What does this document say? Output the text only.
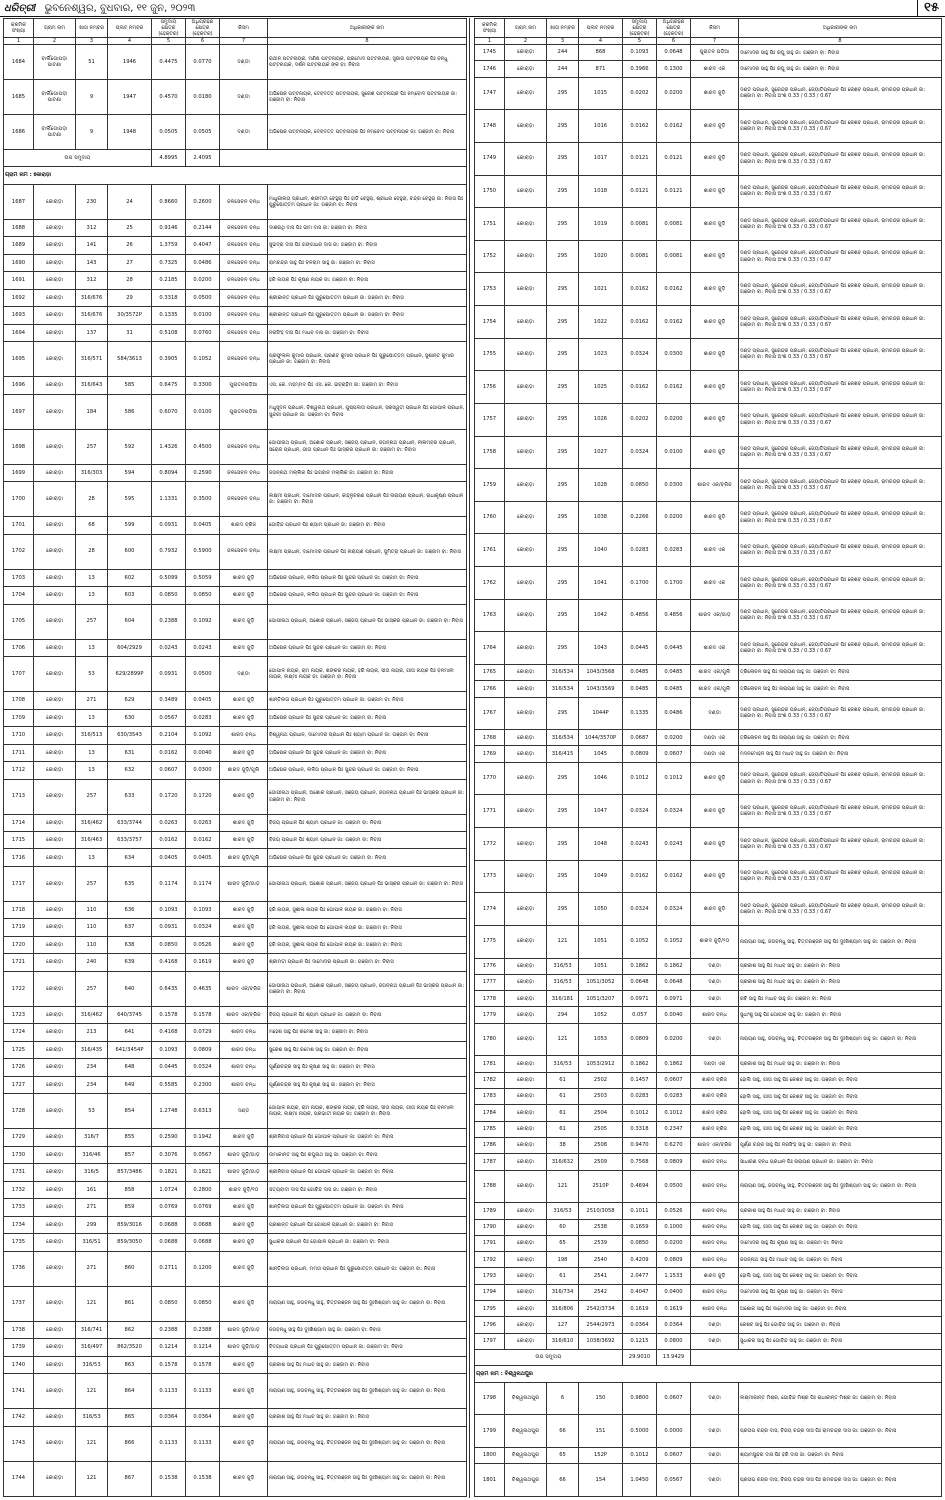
ଧରିତ୍ରୀ ଭୁବନେଶ୍ୱର, ବୁଧବାର, ୧୧ ଜୁନ, ୨୦୨୩	୧୫
କ୍ରମିକ ସଂଖ୍ୟା	ଗ୍ରାମ ନାମ	ଖାତା ନମ୍ବର	ପ୍ଲଟ ନମ୍ବର	ସମୁଦାୟ କ୍ଷେତ୍ର (ହେକ୍ଟର)	ଅଧିଗ୍ରହଣ କ୍ଷେତ୍ର (ହେକ୍ଟର)	କିସମ	ଅଧିକାରୀଙ୍କ ନାମ
1	2	3	4	5	6	7	8
1684	ବାର୍ଲିଗୋପଡ଼ା ପାଟଣା	51	1946	0.4475	0.0770	ଦଣ୍ଡା	ରଥୀନ ପଟ୍ଟନାୟକ, ମଣିଷ ପଟ୍ଟନାୟକ, ପ୍ରମୋଦ ପଟ୍ଟନାୟକ, ସୁଜାତା ପଟ୍ଟନାୟକ ପିଃ ବନ୍ଧୁ ପଟ୍ଟନାୟକ, ଦର୍ଶନ ପଟ୍ଟନାୟକ ଙ୍କ ବା: ନିବାସ
1685	ବାର୍ଲିଗୋପଡ଼ା ପାଟଣା	9	1947	0.4570	0.0180	ଦଣ୍ଡା	ଅଭିଷେକ ପଟ୍ଟନାୟକ, ଦେବଦତ୍ତ ପଟ୍ଟନାୟକ, ସୁରେଶ ପଟ୍ଟନାୟକ ପିଃ ନମ୍ବୋଦ ପଟ୍ଟନାୟକ ଜା: ଗଞ୍ଜାମ ବା: ନିବାସ
1686	ବାର୍ଲିଗୋପଡ଼ା ପାଟଣା	9	1948	0.0505	0.0505	ଦଣ୍ଡା	ଅଭିଷେକ ପଟ୍ଟନାୟକ, ଦେବଦତ୍ତ ପଟ୍ଟନାୟକ ପିଃ ନମ୍ବୋଦ ପଟ୍ଟନାୟକ ଜା: ଗଞ୍ଜାମ ବା: ନିବାସ
ଉପ ସମୁଦାୟ				4.8995	2.4095		
ଗ୍ରାମ ନାମ : କୋରାଡ଼ା							
1687	କୋରାଡ଼ା	230	24	0.8660	0.2600	ଜଳସେଚନ ବନ୍ଧ	ମାଧୁରୀଲତା ପ୍ରଧାନ, ଶ୍ରୀମତୀ ବେହୁରା ପିଃ ହାଡି ବେହୁରା, ଶ୍ରୀଧର ବେହୁରା, ଚନ୍ଦ୍ର ବେହୁରା ଜା: ନିବାସ ପିଃ ପୁରୁଷୋତ୍ତମ ପ୍ରଧାନ ଜା: ଗଞ୍ଜାମ ବା: ନିବାସ
1688	କୋରାଡ଼ା	312	25	0.9146	0.2144	ଜଳସେଚନ ବନ୍ଧ	ଦାଶରଥି ଦାସ ପିଃ ଭୀମ ଦାସ ଜା: ଗଞ୍ଜାମ ବା: ନିବାସ
1689	କୋରାଡ଼ା	141	26	1.3759	0.4047	ଜଳସେଚନ ବନ୍ଧ	ସୁଭଦ୍ରା ଦାସ ପିଃ ଗଙ୍ଗାଧର ଦାସ ଜା: ଗଞ୍ଜାମ ବା: ନିବାସ
1690	କୋରାଡ଼ା	143	27	0.7325	0.0486	ଜଳସେଚନ ବନ୍ଧ	ରାମଚନ୍ଦ୍ର ସାହୁ ପିଃ ବଳରାମ ସାହୁ ଜା: ଗଞ୍ଜାମ ବା: ନିବାସ
1691	କୋରାଡ଼ା	312	28	0.2185	0.0200	ଜଳସେଚନ ବନ୍ଧ	ହରି ନାୟକ ପିଃ କୃଷ୍ଣ ନାୟକ ଜା: ଗଞ୍ଜାମ ବା: ନିବାସ
1692	କୋରାଡ଼ା	316/676	29	0.3318	0.0500	ଜଳସେଚନ ବନ୍ଧ	ଶ୍ରୀକାନ୍ତ ପ୍ରଧାନ ପିଃ ପୁରୁଷୋତ୍ତମ ପ୍ରଧାନ ଜା: ଗଞ୍ଜାମ ବା: ନିବାସ
1693	କୋରାଡ଼ା	316/676	30/3572P	0.1335	0.0100	ଜଳସେଚନ ବନ୍ଧ	ଶ୍ରୀକାନ୍ତ ପ୍ରଧାନ ପିଃ ପୁରୁଷୋତ୍ତମ ପ୍ରଧାନ ଜା: ଗଞ୍ଜାମ ବା: ନିବାସ
1694	କୋରାଡ଼ା	137	31	0.5108	0.0760	ଜଳସେଚନ ବନ୍ଧ	ନରସିଂହ ଦାସ ପିଃ ମାଧବ ଦାସ ଜା: ଗଞ୍ଜାମ ବା: ନିବାସ
1695	କୋରାଡ଼ା	316/571	584/3613	0.3905	0.1052	ଜଳସେଚନ ବନ୍ଧ	ପ୍ରଫୁଲ୍ଲ କୁମାର ପ୍ରଧାନ, ପ୍ରଣବ କୁମାର ପ୍ରଧାନ ପିଃ ପୁରୁଷୋତ୍ତମ ପ୍ରଧାନ, ସୁଶାନ୍ତ କୁମାର ପ୍ରଧାନ ଜା: ଗଞ୍ଜାମ ବା: ନିବାସ
1696	କୋରାଡ଼ା	316/643	585	0.6475	0.3300	ପୁରାତନପଡ଼ିଆ	ଏସ. କେ. ମହମ୍ମଦ ପିଃ ଏସ. କେ. ଇବ୍ରାହିମ ଜା: ଗଞ୍ଜାମ ବା: ନିବାସ
1697	କୋରାଡ଼ା	184	586	0.6070	0.0100	ପୁରାତନପଡ଼ିଆ	ମଧୁସୂଦନ ପ୍ରଧାନ, ବିଶ୍ୱନାଥ ପ୍ରଧାନ, ପୁଷ୍ପଲତା ପ୍ରଧାନ, ସରସ୍ୱତୀ ପ୍ରଧାନ ପିଃ ଗୋପାଳ ପ୍ରଧାନ, ସୁନ୍ଦରୀ ପ୍ରଧାନ ଜା: ଗଞ୍ଜାମ ବା: ନିବାସ
1698	କୋରାଡ଼ା	257	592	1.4326	0.4500	ଜଳସେଚନ ବନ୍ଧ	ଗୋପୀନାଥ ପ୍ରଧାନ, ଅଶୋକ ପ୍ରଧାନ, ସଞ୍ଜୟ ପ୍ରଧାନ, ଜଗନ୍ନାଥ ପ୍ରଧାନ, ନୀଳାମ୍ବର ପ୍ରଧାନ, ସରୋଜ ପ୍ରଧାନ, ଗୀତା ପ୍ରଧାନ ପିଃ ଭାସ୍କର ପ୍ରଧାନ ଜା: ଗଞ୍ଜାମ ବା: ନିବାସ
1699	କୋରାଡ଼ା	316/303	594	0.8094	0.2590	ଜଳସେଚନ ବନ୍ଧ	ଜଗନ୍ନାଥ ମଲ୍ଲିକ ପିଃ ଭଗବାନ ମଲ୍ଲିକ ଜା: ଗଞ୍ଜାମ ବା: ନିବାସ
1700	କୋରାଡ଼ା	28	595	1.1331	0.3500	ଜଳସେଚନ ବନ୍ଧ	ଲକ୍ଷ୍ମୀ ପ୍ରଧାନ, ଦାମୋଦର ପ୍ରଧାନ, କାହ୍ନୁଚରଣ ପ୍ରଧାନ ପିଃ ନାରାୟଣ ପ୍ରଧାନ, ରାଧାକୃଷ୍ଣ ପ୍ରଧାନ ଜା: ଗଞ୍ଜାମ ବା: ନିବାସ
1701	କୋରାଡ଼ା	68	599	0.0931	0.0405	ଶାରଦ ବ୍ରିଜ	ଗୋବିନ୍ଦ ପ୍ରଧାନ ପିଃ ଶ୍ୟାମ ପ୍ରଧାନ ଜା: ଗଞ୍ଜାମ ବା: ନିବାସ
1702	କୋରାଡ଼ା	28	600	0.7932	0.5900	ଜଳସେଚନ ବନ୍ଧ	ଲକ୍ଷ୍ମୀ ପ୍ରଧାନ, ଦାମୋଦର ପ୍ରଧାନ ପିଃ ନାରାୟଣ ପ୍ରଧାନ, ସୁମିତ୍ରା ପ୍ରଧାନ ଜା: ଗଞ୍ଜାମ ବା: ନିବାସ
1703	କୋରାଡ଼ା	13	602	0.5099	0.5059	ଶାରଦ ଜୁଡ଼ି	ଅଭିଷେକ ପ୍ରଧାନ, ଲଳିତା ପ୍ରଧାନ ପିଃ ସୁନ୍ଦର ପ୍ରଧାନ ଜା: ଗଞ୍ଜାମ ବା: ନିବାସ
1704	କୋରାଡ଼ା	13	603	0.0850	0.0850	ଶାରଦ ଜୁଡ଼ି	ଅଭିଷେକ ପ୍ରଧାନ, ଲଳିତା ପ୍ରଧାନ ପିଃ ସୁନ୍ଦର ପ୍ରଧାନ ଜା: ଗଞ୍ଜାମ ବା: ନିବାସ
1705	କୋରାଡ଼ା	257	604	0.2388	0.1092	ଶାରଦ ଜୁଡ଼ି	ଗୋପୀନାଥ ପ୍ରଧାନ, ଅଶୋକ ପ୍ରଧାନ, ସଞ୍ଜୟ ପ୍ରଧାନ ପିଃ ଭାସ୍କର ପ୍ରଧାନ ଜା: ଗଞ୍ଜାମ ବା: ନିବାସ
1706	କୋରାଡ଼ା	13	604/2929	0.0243	0.0243	ଶାରଦ ଜୁଡ଼ି	ଅଭିଷେକ ପ୍ରଧାନ ପିଃ ସୁନ୍ଦର ପ୍ରଧାନ ଜା: ଗଞ୍ଜାମ ବା: ନିବାସ
1707	କୋରାଡ଼ା	53	629/2899P	0.0931	0.0500	ଦଣ୍ଡା	ଗୋପାଳ ନାୟକ, ରାମ ନାୟକ, ଶଙ୍କର ନାୟକ, ହରି ନାୟକ, ସୀତା ନାୟକ, ଗୀତା ନାୟକ ପିଃ ବନମାଳୀ ନାୟକ, ଲକ୍ଷ୍ମୀ ନାୟକ ଜା: ଗଞ୍ଜାମ ବା: ନିବାସ
1708	କୋରାଡ଼ା	271	629	0.3489	0.0405	ଶାରଦ ଜୁଡ଼ି	ଶାନ୍ତିଲତା ପ୍ରଧାନ ପିଃ ପୁରୁଷୋତ୍ତମ ପ୍ରଧାନ ଜା: ଗଞ୍ଜାମ ବା: ନିବାସ
1709	କୋରାଡ଼ା	13	630	0.0567	0.0283	ଶାରଦ ଜୁଡ଼ି	ଅଭିଷେକ ପ୍ରଧାନ ପିଃ ସୁନ୍ଦର ପ୍ରଧାନ ଜା: ଗଞ୍ଜାମ ବା: ନିବାସ
1710	କୋରାଡ଼ା	316/513	630/3543	0.2104	0.1092	ଶାରଦ ବନ୍ଧ	ବିଶ୍ୱନାଥ ପ୍ରଧାନ, ଦାମୋଦର ପ୍ରଧାନ ପିଃ ଶ୍ୟାମ ପ୍ରଧାନ ଜା: ଗଞ୍ଜାମ ବା: ନିବାସ
1711	କୋରାଡ଼ା	13	631	0.0162	0.0040	ଶାରଦ ଜୁଡ଼ି	ଅଭିଷେକ ପ୍ରଧାନ ପିଃ ସୁନ୍ଦର ପ୍ରଧାନ ଜା: ଗଞ୍ଜାମ ବା: ନିବାସ
1712	କୋରାଡ଼ା	13	632	0.0607	0.0300	ଶାରଦ ଜୁଡ଼ି/ଗୁଲି	ଅଭିଷେକ ପ୍ରଧାନ, ଲଳିତା ପ୍ରଧାନ ପିଃ ସୁନ୍ଦର ପ୍ରଧାନ ଜା: ଗଞ୍ଜାମ ବା: ନିବାସ
1713	କୋରାଡ଼ା	257	633	0.1720	0.1720	ଶାରଦ ଜୁଡ଼ି	ଗୋପୀନାଥ ପ୍ରଧାନ, ଅଶୋକ ପ୍ରଧାନ, ସଞ୍ଜୟ ପ୍ରଧାନ, ଜଗନ୍ନାଥ ପ୍ରଧାନ ପିଃ ଭାସ୍କର ପ୍ରଧାନ ଜା: ଗଞ୍ଜାମ ବା: ନିବାସ
1714	କୋରାଡ଼ା	316/462	633/3744	0.0263	0.0263	ଶାରଦ ଜୁଡ଼ି	ବିଜୟ ପ୍ରଧାନ ପିଃ ଶ୍ୟାମ ପ୍ରଧାନ ଜା: ଗଞ୍ଜାମ ବା: ନିବାସ
1715	କୋରାଡ଼ା	316/463	633/3757	0.0162	0.0162	ଶାରଦ ଜୁଡ଼ି	ବିଜୟ ପ୍ରଧାନ ପିଃ ଶ୍ୟାମ ପ୍ରଧାନ ଜା: ଗଞ୍ଜାମ ବା: ନିବାସ
1716	କୋରାଡ଼ା	13	634	0.0405	0.0405	ଶାରଦ ଜୁଡ଼ି/ଗୁଲି	ଅଭିଷେକ ପ୍ରଧାନ ପିଃ ସୁନ୍ଦର ପ୍ରଧାନ ଜା: ଗଞ୍ଜାମ ବା: ନିବାସ
1717	କୋରାଡ଼ା	257	635	0.1174	0.1174	ଶାରଦ ଜୁଡ଼ି/ଗାଡ଼	ଗୋପୀନାଥ ପ୍ରଧାନ, ଅଶୋକ ପ୍ରଧାନ, ସଞ୍ଜୟ ପ୍ରଧାନ ପିଃ ଭାସ୍କର ପ୍ରଧାନ ଜା: ଗଞ୍ଜାମ ବା: ନିବାସ
1718	କୋରାଡ଼ା	110	636	0.1093	0.1093	ଶାରଦ ଜୁଡ଼ି	ହରି ନାୟକ, ସୁଶୀଳା ନାୟକ ପିଃ ଗୋପାଳ ନାୟକ ଜା: ଗଞ୍ଜାମ ବା: ନିବାସ
1719	କୋରାଡ଼ା	110	637	0.0931	0.0324	ଶାରଦ ଜୁଡ଼ି	ହରି ନାୟକ, ସୁଶୀଳା ନାୟକ ପିଃ ଗୋପାଳ ନାୟକ ଜା: ଗଞ୍ଜାମ ବା: ନିବାସ
1720	କୋରାଡ଼ା	110	638	0.0850	0.0526	ଶାରଦ ଜୁଡ଼ି	ହରି ନାୟକ, ସୁଶୀଳା ନାୟକ ପିଃ ଗୋପାଳ ନାୟକ ଜା: ଗଞ୍ଜାମ ବା: ନିବାସ
1721	କୋରାଡ଼ା	240	639	0.4168	0.1619	ଶାରଦ ଜୁଡ଼ି	ଶ୍ରୀମତୀ ପ୍ରଧାନ ପିଃ ଦାମୋଦର ପ୍ରଧାନ ଜା: ଗଞ୍ଜାମ ବା: ନିବାସ
1722	କୋରାଡ଼ା	257	640	0.6435	0.4635	ଶାରଦ ଏକ/ବ୍ରିଜ	ଗୋପୀନାଥ ପ୍ରଧାନ, ଅଶୋକ ପ୍ରଧାନ, ସଞ୍ଜୟ ପ୍ରଧାନ, ଜଗନ୍ନାଥ ପ୍ରଧାନ ପିଃ ଭାସ୍କର ପ୍ରଧାନ ଜା: ଗଞ୍ଜାମ ବା: ନିବାସ
1723	କୋରାଡ଼ା	316/462	640/3745	0.1578	0.1578	ଶାରଦ ଏକ/ବ୍ରିଜ	ବିଜୟ ପ୍ରଧାନ ପିଃ ଶ୍ୟାମ ପ୍ରଧାନ ଜା: ଗଞ୍ଜାମ ବା: ନିବାସ
1724	କୋରାଡ଼ା	213	641	0.4168	0.0729	ଶାରଦ ବନ୍ଧ	ମହେଶ ସାହୁ ପିଃ ରମେଶ ସାହୁ ଜା: ଗଞ୍ଜାମ ବା: ନିବାସ
1725	କୋରାଡ଼ା	316/435	641/3454P	0.1093	0.0809	ଶାରଦ ବନ୍ଧ	ସୁରେଶ ସାହୁ ପିଃ ରମେଶ ସାହୁ ଜା: ଗଞ୍ଜାମ ବା: ନିବାସ
1726	କୋରାଡ଼ା	234	648	0.0445	0.0324	ଶାରଦ ବନ୍ଧ	ପୂର୍ଣ୍ଣଚନ୍ଦ୍ର ସାହୁ ପିଃ କୃଷ୍ଣ ସାହୁ ଜା: ଗଞ୍ଜାମ ବା: ନିବାସ
1727	କୋରାଡ଼ା	234	649	0.5585	0.2300	ଶାରଦ ବନ୍ଧ	ପୂର୍ଣ୍ଣଚନ୍ଦ୍ର ସାହୁ ପିଃ କୃଷ୍ଣ ସାହୁ ଜା: ଗଞ୍ଜାମ ବା: ନିବାସ
1728	କୋରାଡ଼ା	53	854	1.2748	0.6313	ଦଣ୍ଡ	ଗୋପାଳ ନାୟକ, ରାମ ନାୟକ, ଶଙ୍କର ନାୟକ, ହରି ନାୟକ, ସୀତା ନାୟକ, ଗୀତା ନାୟକ ପିଃ ବନମାଳୀ ନାୟକ, ଲକ୍ଷ୍ମୀ ନାୟକ, ପ୍ରଭାତୀ ନାୟକ ଜା: ଗଞ୍ଜାମ ବା: ନିବାସ
1729	କୋରାଡ଼ା	316/7	855	0.2590	0.1942	ଶାରଦ ଜୁଡ଼ି	ଶ୍ରୀନିବାସ ପ୍ରଧାନ ପିଃ ଗୋପାଳ ପ୍ରଧାନ ଜା: ଗଞ୍ଜାମ ବା: ନିବାସ
1730	କୋରାଡ଼ା	316/46	857	0.3076	0.0567	ଶାରଦ ଜୁଡ଼ି/ଗାଡ଼	ଉମାକାନ୍ତ ସାହୁ ପିଃ ରଘୁନାଥ ସାହୁ ଜା: ଗଞ୍ଜାମ ବା: ନିବାସ
1731	କୋରାଡ଼ା	316/5	857/3486	0.1821	0.1821	ଶାରଦ ଜୁଡ଼ି/ଗାଡ଼	ଶ୍ରୀନିବାସ ପ୍ରଧାନ ପିଃ ଗୋପାଳ ପ୍ରଧାନ ଜା: ଗଞ୍ଜାମ ବା: ନିବାସ
1732	କୋରାଡ଼ା	161	858	1.0724	0.2800	ଶାରଦ ଜୁଡ଼ି/୧୦	ସତ୍ୟବାଦୀ ଦାସ ପିଃ ଗୋବିନ୍ଦ ଦାସ ଜା: ଗଞ୍ଜାମ ବା: ନିବାସ
1733	କୋରାଡ଼ା	271	859	0.0769	0.0769	ଶାରଦ ଜୁଡ଼ି	ଶାନ୍ତିଲତା ପ୍ରଧାନ ପିଃ ପୁରୁଷୋତ୍ତମ ପ୍ରଧାନ ଜା: ଗଞ୍ଜାମ ବା: ନିବାସ
1734	କୋରାଡ଼ା	299	859/3016	0.0688	0.0688	ଶାରଦ ଜୁଡ଼ି	ପ୍ରଶାନ୍ତ ପ୍ରଧାନ ପିଃ ଗୋପାଳ ପ୍ରଧାନ ଜା: ଗଞ୍ଜାମ ବା: ନିବାସ
1735	କୋରାଡ଼ା	316/51	859/3050	0.0688	0.0688	ଶାରଦ ଜୁଡ଼ି	ସୁଧାକର ପ୍ରଧାନ ପିଃ ଗୋପାଳ ପ୍ରଧାନ ଜା: ଗଞ୍ଜାମ ବା: ନିବାସ
1736	କୋରାଡ଼ା	271	860	0.2711	0.1200	ଶାରଦ ଜୁଡ଼ି	ଶାନ୍ତିଲତା ପ୍ରଧାନ, ମମତା ପ୍ରଧାନ ପିଃ ପୁରୁଷୋତ୍ତମ ପ୍ରଧାନ ଜା: ଗଞ୍ଜାମ ବା: ନିବାସ
1737	କୋରାଡ଼ା	121	861	0.0850	0.0850	ଶାରଦ ଜୁଡ଼ି	ନାରାୟଣ ସାହୁ, ଜଗବନ୍ଧୁ ସାହୁ, ଚିତ୍ତରଞ୍ଜନ ସାହୁ ପିଃ ଦୁଃଖିଶ୍ୟାମ ସାହୁ ଜା: ଗଞ୍ଜାମ ବା: ନିବାସ
1738	କୋରାଡ଼ା	316/741	862	0.2388	0.2388	ଶାରଦ ଜୁଡ଼ି/ଗାଡ଼	ଜଗବନ୍ଧୁ ସାହୁ ପିଃ ଦୁଃଖିଶ୍ୟାମ ସାହୁ ଜା: ଗଞ୍ଜାମ ବା: ନିବାସ
1739	କୋରାଡ଼ା	316/497	862/3520	0.1214	0.1214	ଶାରଦ ଜୁଡ଼ି/ଗାଡ଼	ବିଦ୍ୟାଧର ପ୍ରଧାନ ପିଃ ପୁରୁଷୋତ୍ତମ ପ୍ରଧାନ ଜା: ଗଞ୍ଜାମ ବା: ନିବାସ
1740	କୋରାଡ଼ା	316/53	863	0.1578	0.1578	ଶାରଦ ଜୁଡ଼ି	ପ୍ରକାଶ ସାହୁ ପିଃ ମାଧବ ସାହୁ ଜା: ଗଞ୍ଜାମ ବା: ନିବାସ
1741	କୋରାଡ଼ା	121	864	0.1133	0.1133	ଶାରଦ ଜୁଡ଼ି	ନାରାୟଣ ସାହୁ, ଜଗବନ୍ଧୁ ସାହୁ, ଚିତ୍ତରଞ୍ଜନ ସାହୁ ପିଃ ଦୁଃଖିଶ୍ୟାମ ସାହୁ ଜା: ଗଞ୍ଜାମ ବା: ନିବାସ
1742	କୋରାଡ଼ା	316/53	865	0.0364	0.0364	ଶାରଦ ଜୁଡ଼ି	ପ୍ରକାଶ ସାହୁ ପିଃ ମାଧବ ସାହୁ ଜା: ଗଞ୍ଜାମ ବା: ନିବାସ
1743	କୋରାଡ଼ା	121	866	0.1133	0.1133	ଶାରଦ ଜୁଡ଼ି	ନାରାୟଣ ସାହୁ, ଜଗବନ୍ଧୁ ସାହୁ, ଚିତ୍ତରଞ୍ଜନ ସାହୁ ପିଃ ଦୁଃଖିଶ୍ୟାମ ସାହୁ ଜା: ଗଞ୍ଜାମ ବା: ନିବାସ
1744	କୋରାଡ଼ା	121	867	0.1538	0.1538	ଶାରଦ ଜୁଡ଼ି	ନାରାୟଣ ସାହୁ, ଜଗବନ୍ଧୁ ସାହୁ, ଚିତ୍ତରଞ୍ଜନ ସାହୁ ପିଃ ଦୁଃଖିଶ୍ୟାମ ସାହୁ ଜା: ଗଞ୍ଜାମ ବା: ନିବାସ
କ୍ରମିକ ସଂଖ୍ୟା	ଗ୍ରାମ ନାମ	ଖାତା ନମ୍ବର	ପ୍ଲଟ ନମ୍ବର	ସମୁଦାୟ କ୍ଷେତ୍ର (ହେକ୍ଟର)	ଅଧିଗ୍ରହଣ କ୍ଷେତ୍ର (ହେକ୍ଟର)	କିସମ	ଅଧିକାରୀଙ୍କ ନାମ
1	2	3	4	5	6	7	8
1745	କୋରାଡ଼ା	244	868	0.1093	0.0648	ପୁରାତନ ପଡ଼ିଆ	ଦାମୋଦର ସାହୁ ପିଃ ରଘୁ ସାହୁ ଜା: ଗଞ୍ଜାମ ବା: ନିବାସ
1746	କୋରାଡ଼ା	244	871	0.3966	0.1300	ଶାରଦ ଏକ	ଦାମୋଦର ସାହୁ ପିଃ ରଘୁ ସାହୁ ଜା: ଗଞ୍ଜାମ ବା: ନିବାସ
1747	କୋରାଡ଼ା	295	1015	0.0202	0.0200	ଶାରଦ ଜୁଡ଼ି	ଦଣ୍ଡ ପ୍ରଧାନ, ସୁରେନ୍ଦ୍ର ପ୍ରଧାନ, ଜ୍ୟୋତିପ୍ରଧାନ ପିଃ କେଶବ ପ୍ରଧାନ, ରାମଚନ୍ଦ୍ର ପ୍ରଧାନ ଜା: ଗଞ୍ଜାମ ବା: ନିବାସ ଅଂଶ 0.33 / 0.33 / 0.67
1748	କୋରାଡ଼ା	295	1016	0.0162	0.0162	ଶାରଦ ଜୁଡ଼ି	ଦଣ୍ଡ ପ୍ରଧାନ, ସୁରେନ୍ଦ୍ର ପ୍ରଧାନ, ଜ୍ୟୋତିପ୍ରଧାନ ପିଃ କେଶବ ପ୍ରଧାନ, ରାମଚନ୍ଦ୍ର ପ୍ରଧାନ ଜା: ଗଞ୍ଜାମ ବା: ନିବାସ ଅଂଶ 0.33 / 0.33 / 0.67
1749	କୋରାଡ଼ା	295	1017	0.0121	0.0121	ଶାରଦ ଜୁଡ଼ି	ଦଣ୍ଡ ପ୍ରଧାନ, ସୁରେନ୍ଦ୍ର ପ୍ରଧାନ, ଜ୍ୟୋତିପ୍ରଧାନ ପିଃ କେଶବ ପ୍ରଧାନ, ରାମଚନ୍ଦ୍ର ପ୍ରଧାନ ଜା: ଗଞ୍ଜାମ ବା: ନିବାସ ଅଂଶ 0.33 / 0.33 / 0.67
1750	କୋରାଡ଼ା	295	1018	0.0121	0.0121	ଶାରଦ ଜୁଡ଼ି	ଦଣ୍ଡ ପ୍ରଧାନ, ସୁରେନ୍ଦ୍ର ପ୍ରଧାନ, ଜ୍ୟୋତିପ୍ରଧାନ ପିଃ କେଶବ ପ୍ରଧାନ, ରାମଚନ୍ଦ୍ର ପ୍ରଧାନ ଜା: ଗଞ୍ଜାମ ବା: ନିବାସ ଅଂଶ 0.33 / 0.33 / 0.67
1751	କୋରାଡ଼ା	295	1019	0.0081	0.0081	ଶାରଦ ଜୁଡ଼ି	ଦଣ୍ଡ ପ୍ରଧାନ, ସୁରେନ୍ଦ୍ର ପ୍ରଧାନ, ଜ୍ୟୋତିପ୍ରଧାନ ପିଃ କେଶବ ପ୍ରଧାନ, ରାମଚନ୍ଦ୍ର ପ୍ରଧାନ ଜା: ଗଞ୍ଜାମ ବା: ନିବାସ ଅଂଶ 0.33 / 0.33 / 0.67
1752	କୋରାଡ଼ା	295	1020	0.0081	0.0081	ଶାରଦ ଜୁଡ଼ି	ଦଣ୍ଡ ପ୍ରଧାନ, ସୁରେନ୍ଦ୍ର ପ୍ରଧାନ, ଜ୍ୟୋତିପ୍ରଧାନ ପିଃ କେଶବ ପ୍ରଧାନ, ରାମଚନ୍ଦ୍ର ପ୍ରଧାନ ଜା: ଗଞ୍ଜାମ ବା: ନିବାସ ଅଂଶ 0.33 / 0.33 / 0.67
1753	କୋରାଡ଼ା	295	1021	0.0162	0.0162	ଶାରଦ ଜୁଡ଼ି	ଦଣ୍ଡ ପ୍ରଧାନ, ସୁରେନ୍ଦ୍ର ପ୍ରଧାନ, ଜ୍ୟୋତିପ୍ରଧାନ ପିଃ କେଶବ ପ୍ରଧାନ, ରାମଚନ୍ଦ୍ର ପ୍ରଧାନ ଜା: ଗଞ୍ଜାମ ବା: ନିବାସ ଅଂଶ 0.33 / 0.33 / 0.67
1754	କୋରାଡ଼ା	295	1022	0.0162	0.0162	ଶାରଦ ଜୁଡ଼ି	ଦଣ୍ଡ ପ୍ରଧାନ, ସୁରେନ୍ଦ୍ର ପ୍ରଧାନ, ଜ୍ୟୋତିପ୍ରଧାନ ପିଃ କେଶବ ପ୍ରଧାନ, ରାମଚନ୍ଦ୍ର ପ୍ରଧାନ ଜା: ଗଞ୍ଜାମ ବା: ନିବାସ ଅଂଶ 0.33 / 0.33 / 0.67
1755	କୋରାଡ଼ା	295	1023	0.0324	0.0300	ଶାରଦ ଜୁଡ଼ି	ଦଣ୍ଡ ପ୍ରଧାନ, ସୁରେନ୍ଦ୍ର ପ୍ରଧାନ, ଜ୍ୟୋତିପ୍ରଧାନ ପିଃ କେଶବ ପ୍ରଧାନ, ରାମଚନ୍ଦ୍ର ପ୍ରଧାନ ଜା: ଗଞ୍ଜାମ ବା: ନିବାସ ଅଂଶ 0.33 / 0.33 / 0.67
1756	କୋରାଡ଼ା	295	1025	0.0162	0.0162	ଶାରଦ ଜୁଡ଼ି	ଦଣ୍ଡ ପ୍ରଧାନ, ସୁରେନ୍ଦ୍ର ପ୍ରଧାନ, ଜ୍ୟୋତିପ୍ରଧାନ ପିଃ କେଶବ ପ୍ରଧାନ, ରାମଚନ୍ଦ୍ର ପ୍ରଧାନ ଜା: ଗଞ୍ଜାମ ବା: ନିବାସ ଅଂଶ 0.33 / 0.33 / 0.67
1757	କୋରାଡ଼ା	295	1026	0.0202	0.0200	ଶାରଦ ଜୁଡ଼ି	ଦଣ୍ଡ ପ୍ରଧାନ, ସୁରେନ୍ଦ୍ର ପ୍ରଧାନ, ଜ୍ୟୋତିପ୍ରଧାନ ପିଃ କେଶବ ପ୍ରଧାନ, ରାମଚନ୍ଦ୍ର ପ୍ରଧାନ ଜା: ଗଞ୍ଜାମ ବା: ନିବାସ ଅଂଶ 0.33 / 0.33 / 0.67
1758	କୋରାଡ଼ା	295	1027	0.0324	0.0100	ଶାରଦ ଜୁଡ଼ି	ଦଣ୍ଡ ପ୍ରଧାନ, ସୁରେନ୍ଦ୍ର ପ୍ରଧାନ, ଜ୍ୟୋତିପ୍ରଧାନ ପିଃ କେଶବ ପ୍ରଧାନ, ରାମଚନ୍ଦ୍ର ପ୍ରଧାନ ଜା: ଗଞ୍ଜାମ ବା: ନିବାସ ଅଂଶ 0.33 / 0.33 / 0.67
1759	କୋରାଡ଼ା	295	1028	0.0850	0.0300	ଶାରଦ ଏକ/ବ୍ରିଜ	ଦଣ୍ଡ ପ୍ରଧାନ, ସୁରେନ୍ଦ୍ର ପ୍ରଧାନ, ଜ୍ୟୋତିପ୍ରଧାନ ପିଃ କେଶବ ପ୍ରଧାନ, ରାମଚନ୍ଦ୍ର ପ୍ରଧାନ ଜା: ଗଞ୍ଜାମ ବା: ନିବାସ ଅଂଶ 0.33 / 0.33 / 0.67
1760	କୋରାଡ଼ା	295	1038	0.2266	0.0200	ଶାରଦ ଜୁଡ଼ି	ଦଣ୍ଡ ପ୍ରଧାନ, ସୁରେନ୍ଦ୍ର ପ୍ରଧାନ, ଜ୍ୟୋତିପ୍ରଧାନ ପିଃ କେଶବ ପ୍ରଧାନ, ରାମଚନ୍ଦ୍ର ପ୍ରଧାନ ଜା: ଗଞ୍ଜାମ ବା: ନିବାସ ଅଂଶ 0.33 / 0.33 / 0.67
1761	କୋରାଡ଼ା	295	1040	0.0283	0.0283	ଶାରଦ ଏକ	ଦଣ୍ଡ ପ୍ରଧାନ, ସୁରେନ୍ଦ୍ର ପ୍ରଧାନ, ଜ୍ୟୋତିପ୍ରଧାନ ପିଃ କେଶବ ପ୍ରଧାନ, ରାମଚନ୍ଦ୍ର ପ୍ରଧାନ ଜା: ଗଞ୍ଜାମ ବା: ନିବାସ ଅଂଶ 0.33 / 0.33 / 0.67
1762	କୋରାଡ଼ା	295	1041	0.1700	0.1700	ଶାରଦ ଏକ	ଦଣ୍ଡ ପ୍ରଧାନ, ସୁରେନ୍ଦ୍ର ପ୍ରଧାନ, ଜ୍ୟୋତିପ୍ରଧାନ ପିଃ କେଶବ ପ୍ରଧାନ, ରାମଚନ୍ଦ୍ର ପ୍ରଧାନ ଜା: ଗଞ୍ଜାମ ବା: ନିବାସ ଅଂଶ 0.33 / 0.33 / 0.67
1763	କୋରାଡ଼ା	295	1042	0.4856	0.4856	ଶାରଦ ଏକ/ଗାଡ଼	ଦଣ୍ଡ ପ୍ରଧାନ, ସୁରେନ୍ଦ୍ର ପ୍ରଧାନ, ଜ୍ୟୋତିପ୍ରଧାନ ପିଃ କେଶବ ପ୍ରଧାନ, ରାମଚନ୍ଦ୍ର ପ୍ରଧାନ ଜା: ଗଞ୍ଜାମ ବା: ନିବାସ ଅଂଶ 0.33 / 0.33 / 0.67
1764	କୋରାଡ଼ା	295	1043	0.0445	0.0445	ଶାରଦ ଏକ	ଦଣ୍ଡ ପ୍ରଧାନ, ସୁରେନ୍ଦ୍ର ପ୍ରଧାନ, ଜ୍ୟୋତିପ୍ରଧାନ ପିଃ କେଶବ ପ୍ରଧାନ, ରାମଚନ୍ଦ୍ର ପ୍ରଧାନ ଜା: ଗଞ୍ଜାମ ବା: ନିବାସ ଅଂଶ 0.33 / 0.33 / 0.67
1765	କୋରାଡ଼ା	316/534	1043/3568	0.0485	0.0485	ଶାରଦ ଏକ/ଗୁଲି	ତ୍ରିଲୋଚନ ସାହୁ ପିଃ ନାରାୟଣ ସାହୁ ଜା: ଗଞ୍ଜାମ ବା: ନିବାସ
1766	କୋରାଡ଼ା	316/534	1043/3569	0.0485	0.0485	ଶାରଦ ଏକ/ଗୁଲି	ତ୍ରିଲୋଚନ ସାହୁ ପିଃ ନାରାୟଣ ସାହୁ ଜା: ଗଞ୍ଜାମ ବା: ନିବାସ
1767	କୋରାଡ଼ା	295	1044P	0.1335	0.0486	ଦଣ୍ଡା	ଦଣ୍ଡ ପ୍ରଧାନ, ସୁରେନ୍ଦ୍ର ପ୍ରଧାନ, ଜ୍ୟୋତିପ୍ରଧାନ ପିଃ କେଶବ ପ୍ରଧାନ, ରାମଚନ୍ଦ୍ର ପ୍ରଧାନ ଜା: ଗଞ୍ଜାମ ବା: ନିବାସ ଅଂଶ 0.33 / 0.33 / 0.67
1768	କୋରାଡ଼ା	316/534	1044/3570P	0.0687	0.0200	ଦଣ୍ଡା ଏକ	ତ୍ରିଲୋଚନ ସାହୁ ପିଃ ନାରାୟଣ ସାହୁ ଜା: ଗଞ୍ଜାମ ବା: ନିବାସ
1769	କୋରାଡ଼ା	316/415	1045	0.0809	0.0607	ଦଣ୍ଡା ଏକ	ମଦନମୋହନ ସାହୁ ପିଃ ମାଧବ ସାହୁ ଜା: ଗଞ୍ଜାମ ବା: ନିବାସ
1770	କୋରାଡ଼ା	295	1046	0.1012	0.1012	ଶାରଦ ଜୁଡ଼ି	ଦଣ୍ଡ ପ୍ରଧାନ, ସୁରେନ୍ଦ୍ର ପ୍ରଧାନ, ଜ୍ୟୋତିପ୍ରଧାନ ପିଃ କେଶବ ପ୍ରଧାନ, ରାମଚନ୍ଦ୍ର ପ୍ରଧାନ ଜା: ଗଞ୍ଜାମ ବା: ନିବାସ ଅଂଶ 0.33 / 0.33 / 0.67
1771	କୋରାଡ଼ା	295	1047	0.0324	0.0324	ଶାରଦ ଜୁଡ଼ି	ଦଣ୍ଡ ପ୍ରଧାନ, ସୁରେନ୍ଦ୍ର ପ୍ରଧାନ, ଜ୍ୟୋତିପ୍ରଧାନ ପିଃ କେଶବ ପ୍ରଧାନ, ରାମଚନ୍ଦ୍ର ପ୍ରଧାନ ଜା: ଗଞ୍ଜାମ ବା: ନିବାସ ଅଂଶ 0.33 / 0.33 / 0.67
1772	କୋରାଡ଼ା	295	1048	0.0243	0.0243	ଶାରଦ ଜୁଡ଼ି	ଦଣ୍ଡ ପ୍ରଧାନ, ସୁରେନ୍ଦ୍ର ପ୍ରଧାନ, ଜ୍ୟୋତିପ୍ରଧାନ ପିଃ କେଶବ ପ୍ରଧାନ, ରାମଚନ୍ଦ୍ର ପ୍ରଧାନ ଜା: ଗଞ୍ଜାମ ବା: ନିବାସ ଅଂଶ 0.33 / 0.33 / 0.67
1773	କୋରାଡ଼ା	295	1049	0.0162	0.0162	ଶାରଦ ଜୁଡ଼ି	ଦଣ୍ଡ ପ୍ରଧାନ, ସୁରେନ୍ଦ୍ର ପ୍ରଧାନ, ଜ୍ୟୋତିପ୍ରଧାନ ପିଃ କେଶବ ପ୍ରଧାନ, ରାମଚନ୍ଦ୍ର ପ୍ରଧାନ ଜା: ଗଞ୍ଜାମ ବା: ନିବାସ ଅଂଶ 0.33 / 0.33 / 0.67
1774	କୋରାଡ଼ା	295	1050	0.0324	0.0324	ଶାରଦ ଜୁଡ଼ି	ଦଣ୍ଡ ପ୍ରଧାନ, ସୁରେନ୍ଦ୍ର ପ୍ରଧାନ, ଜ୍ୟୋତିପ୍ରଧାନ ପିଃ କେଶବ ପ୍ରଧାନ, ରାମଚନ୍ଦ୍ର ପ୍ରଧାନ ଜା: ଗଞ୍ଜାମ ବା: ନିବାସ ଅଂଶ 0.33 / 0.33 / 0.67
1775	କୋରାଡ଼ା	121	1051	0.1052	0.1052	ଶାରଦ ଜୁଡ଼ି/୨୦	ନାରାୟଣ ସାହୁ, ଜଗବନ୍ଧୁ ସାହୁ, ଚିତ୍ତରଞ୍ଜନ ସାହୁ ପିଃ ଦୁଃଖିଶ୍ୟାମ ସାହୁ ଜା: ଗଞ୍ଜାମ ବା: ନିବାସ
1776	କୋରାଡ଼ା	316/53	1051	0.1862	0.1862	ଦଣ୍ଡା	ପ୍ରକାଶ ସାହୁ ପିଃ ମାଧବ ସାହୁ ଜା: ଗଞ୍ଜାମ ବା: ନିବାସ
1777	କୋରାଡ଼ା	316/53	1051/3052	0.0648	0.0648	ଦଣ୍ଡା	ପ୍ରକାଶ ସାହୁ ପିଃ ମାଧବ ସାହୁ ଜା: ଗଞ୍ଜାମ ବା: ନିବାସ
1778	କୋରାଡ଼ା	316/181	1051/3207	0.0971	0.0971	ଦଣ୍ଡା	ରବି ସାହୁ ପିଃ ମାଧବ ସାହୁ ଜା: ଗଞ୍ଜାମ ବା: ନିବାସ
1779	କୋରାଡ଼ା	294	1052	0.057	0.0040	ଶାରଦ ବନ୍ଧ	ସୁଧାଂଶୁ ସାହୁ ପିଃ ଗୋପାଳ ସାହୁ ଜା: ଗଞ୍ଜାମ ବା: ନିବାସ
1780	କୋରାଡ଼ା	121	1053	0.0809	0.0200	ଦଣ୍ଡା	ନାରାୟଣ ସାହୁ, ଜଗବନ୍ଧୁ ସାହୁ, ଚିତ୍ତରଞ୍ଜନ ସାହୁ ପିଃ ଦୁଃଖିଶ୍ୟାମ ସାହୁ ଜା: ଗଞ୍ଜାମ ବା: ନିବାସ
1781	କୋରାଡ଼ା	316/53	1053/2912	0.1862	0.1862	ଦଣ୍ଡା ଏକ	ପ୍ରକାଶ ସାହୁ ପିଃ ମାଧବ ସାହୁ ଜା: ଗଞ୍ଜାମ ବା: ନିବାସ
1782	କୋରାଡ଼ା	61	2502	0.1457	0.0607	ଶାରଦ ବ୍ରିଜ	ହୋଲି ସାହୁ, ଗୀତା ସାହୁ ପିଃ କେଶବ ସାହୁ ଜା: ଗଞ୍ଜାମ ବା: ନିବାସ
1783	କୋରାଡ଼ା	61	2503	0.0283	0.0283	ଶାରଦ ବ୍ରିଜ	ହୋଲି ସାହୁ, ଗୀତା ସାହୁ ପିଃ କେଶବ ସାହୁ ଜା: ଗଞ୍ଜାମ ବା: ନିବାସ
1784	କୋରାଡ଼ା	61	2504	0.1012	0.1012	ଶାରଦ ବ୍ରିଜ	ହୋଲି ସାହୁ, ଗୀତା ସାହୁ ପିଃ କେଶବ ସାହୁ ଜା: ଗଞ୍ଜାମ ବା: ନିବାସ
1785	କୋରାଡ଼ା	61	2505	0.3318	0.2347	ଶାରଦ ବ୍ରିଜ	ହୋଲି ସାହୁ, ଗୀତା ସାହୁ ପିଃ କେଶବ ସାହୁ ଜା: ଗଞ୍ଜାମ ବା: ନିବାସ
1786	କୋରାଡ଼ା	38	2508	0.9470	0.6270	ଶାରଦ ଏକ/ବ୍ରିଜ	ପୂର୍ଣ୍ଣ ଚନ୍ଦ୍ର ସାହୁ ପିଃ ନରସିଂହ ସାହୁ ଜା: ଗଞ୍ଜାମ ବା: ନିବାସ
1787	କୋରାଡ଼ା	316/632	2509	0.7568	0.0809	ଶାରଦ ବନ୍ଧ	ସାଧାରଣ ବନ୍ଧ ପ୍ରଧାନ ପିଃ ନାରାୟଣ ପ୍ରଧାନ ଜା: ଗଞ୍ଜାମ ବା: ନିବାସ
1788	କୋରାଡ଼ା	121	2510P	0.4694	0.0500	ଶାରଦ ବନ୍ଧ	ନାରାୟଣ ସାହୁ, ଜଗବନ୍ଧୁ ସାହୁ, ଚିତ୍ତରଞ୍ଜନ ସାହୁ ପିଃ ଦୁଃଖିଶ୍ୟାମ ସାହୁ ଜା: ଗଞ୍ଜାମ ବା: ନିବାସ
1789	କୋରାଡ଼ା	316/53	2510/3058	0.1011	0.0526	ଶାରଦ ବନ୍ଧ	ପ୍ରକାଶ ସାହୁ ପିଃ ମାଧବ ସାହୁ ଜା: ଗଞ୍ଜାମ ବା: ନିବାସ
1790	କୋରାଡ଼ା	60	2538	0.1659	0.1000	ଶାରଦ ବନ୍ଧ	ହୋଲି ସାହୁ, ଗୀତା ସାହୁ ପିଃ କେଶବ ସାହୁ ଜା: ଗଞ୍ଜାମ ବା: ନିବାସ
1791	କୋରାଡ଼ା	65	2539	0.0850	0.0200	ଶାରଦ ବନ୍ଧ	ଦାମୋଦର ସାହୁ ପିଃ କୃଷ୍ଣ ସାହୁ ଜା: ଗଞ୍ଜାମ ବା: ନିବାସ
1792	କୋରାଡ଼ା	198	2540	0.4209	0.0809	ଶାରଦ ବନ୍ଧ	ଜଗନ୍ନାଥ ସାହୁ ପିଃ ମାଧବ ସାହୁ ଜା: ଗଞ୍ଜାମ ବା: ନିବାସ
1793	କୋରାଡ଼ା	61	2541	2.0477	1.1533	ଶାରଦ ଜୁଡ଼ି	ହୋଲି ସାହୁ, ଗୀତା ସାହୁ ପିଃ କେଶବ ସାହୁ ଜା: ଗଞ୍ଜାମ ବା: ନିବାସ
1794	କୋରାଡ଼ା	316/734	2542	0.4047	0.0400	ଶାରଦ ବନ୍ଧ	ଦାମୋଦର ସାହୁ ପିଃ କୃଷ୍ଣ ସାହୁ ଜା: ଗଞ୍ଜାମ ବା: ନିବାସ
1795	କୋରାଡ଼ା	316/806	2542/3734	0.1619	0.1619	ଶାରଦ ବନ୍ଧ	ଅଶୋକ ସାହୁ ପିଃ ଦାମୋଦର ସାହୁ ଜା: ଗଞ୍ଜାମ ବା: ନିବାସ
1796	କୋରାଡ଼ା	127	2544/2973	0.0364	0.0364	ଦଣ୍ଡା	କେଶବ ସାହୁ ପିଃ ଗୋବିନ୍ଦ ସାହୁ ଜା: ଗଞ୍ଜାମ ବା: ନିବାସ
1797	କୋରାଡ଼ା	316/610	1038/3692	0.1215	0.0800	ଦଣ୍ଡା	ସୁଧାକର ସାହୁ ପିଃ ଗୋବିନ୍ଦ ସାହୁ ଜା: ଗଞ୍ଜାମ ବା: ନିବାସ
ଉପ ସମୁଦାୟ				29.9010	13.9429		
ଗ୍ରାମ ନାମ : ବିଶ୍ୱନାଥପୁର							
1798	ବିଶ୍ୱନାଥପୁର	6	150	0.9800	0.0607	ଦଣ୍ଡା	ଲକ୍ଷ୍ମୀକାନ୍ତ ମିଶ୍ର, ଗୋବିନ୍ଦ ମିଶ୍ର ପିଃ ରାଧାକାନ୍ତ ମିଶ୍ର ଜା: ଗଞ୍ଜାମ ବା: ନିବାସ
1799	ବିଶ୍ୱନାଥପୁର	66	151	0.5000	0.0000	ଦଣ୍ଡା	ପ୍ରତାପ ଚନ୍ଦ୍ର ଦାସ, ବିଜୟ ଚନ୍ଦ୍ର ଦାସ ପିଃ ରାମଚନ୍ଦ୍ର ଦାସ ଜା: ଗଞ୍ଜାମ ବା: ନିବାସ
1800	ବିଶ୍ୱନାଥପୁର	65	152P	0.1012	0.0607	ଦଣ୍ଡା	ଶ୍ୟାମସୁନ୍ଦର ଦାସ ପିଃ ହରି ଦାସ ଜା: ଗଞ୍ଜାମ ବା: ନିବାସ
1801	ବିଶ୍ୱନାଥପୁର	66	154	1.0450	0.0567	ଦଣ୍ଡା	ପ୍ରତାପ ଚନ୍ଦ୍ର ଦାସ, ବିଜୟ ଚନ୍ଦ୍ର ଦାସ ପିଃ ରାମଚନ୍ଦ୍ର ଦାସ ଜା: ଗଞ୍ଜାମ ବା: ନିବାସ
